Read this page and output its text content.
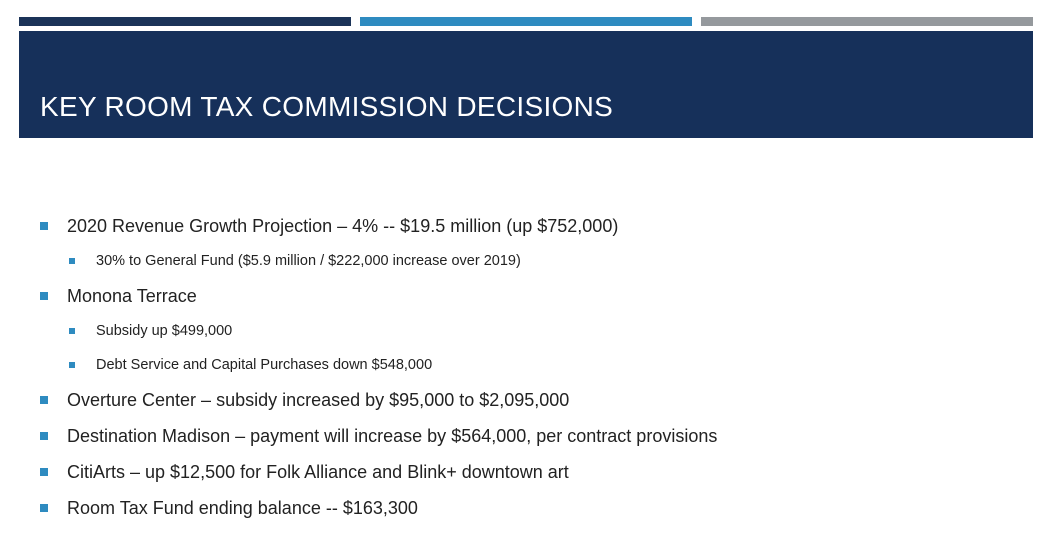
KEY ROOM TAX COMMISSION DECISIONS
2020 Revenue Growth Projection – 4% -- $19.5 million (up $752,000)
30% to General Fund ($5.9 million / $222,000 increase over 2019)
Monona Terrace
Subsidy up $499,000
Debt Service and Capital Purchases down $548,000
Overture Center – subsidy increased by $95,000 to $2,095,000
Destination Madison – payment will increase by $564,000, per contract provisions
CitiArts – up $12,500 for Folk Alliance and Blink+ downtown art
Room Tax Fund ending balance -- $163,300
